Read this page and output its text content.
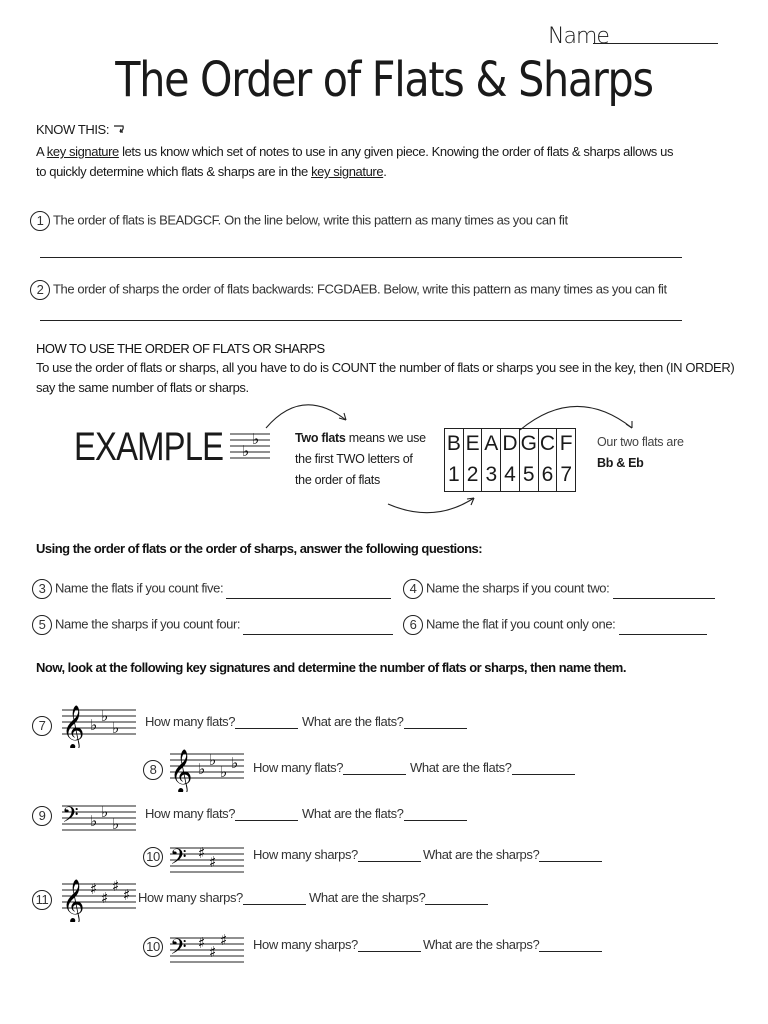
Name
The Order of Flats & Sharps
KNOW THIS:
A key signature lets us know which set of notes to use in any given piece. Knowing the order of flats & sharps allows us
to quickly determine which flats & sharps are in the key signature.
1 The order of flats is BEADGCF. On the line below, write this pattern as many times as you can fit
2 The order of sharps the order of flats backwards: FCGDAEB. Below, write this pattern as many times as you can fit
HOW TO USE THE ORDER OF FLATS OR SHARPS
To use the order of flats or sharps, all you have to do is COUNT the number of flats or sharps you see in the key, then (IN ORDER)
say the same number of flats or sharps.
EXAMPLE ♭
♭
Two flats means we use
the first TWO letters of
the order of flats
B E A D G C F
1 2 3 4 5 6 7
Our two flats are
Bb & Eb
Using the order of flats or the order of sharps, answer the following questions:
3 Name the flats if you count five:	4 Name the sharps if you count two:
5 Name the sharps if you count four:	6 Name the flat if you count only one:
Now, look at the following key signatures and determine the number of flats or sharps, then name them.
7 𝄞 ♭ ♭
♭ How many flats?	What are the flats?
8 𝄞 ♭ ♭
♭ ♭ How many flats?	What are the flats?
9 𝄢 ♭ ♭
♭
How many flats?	What are the flats?
10 𝄢 ♯ ♯	How many sharps?	What are the sharps?
11 𝄞 ♯ ♯
♯ ♯ How many sharps?	What are the sharps?
10 𝄢 ♯ ♯
♯ How many sharps?	What are the sharps?
